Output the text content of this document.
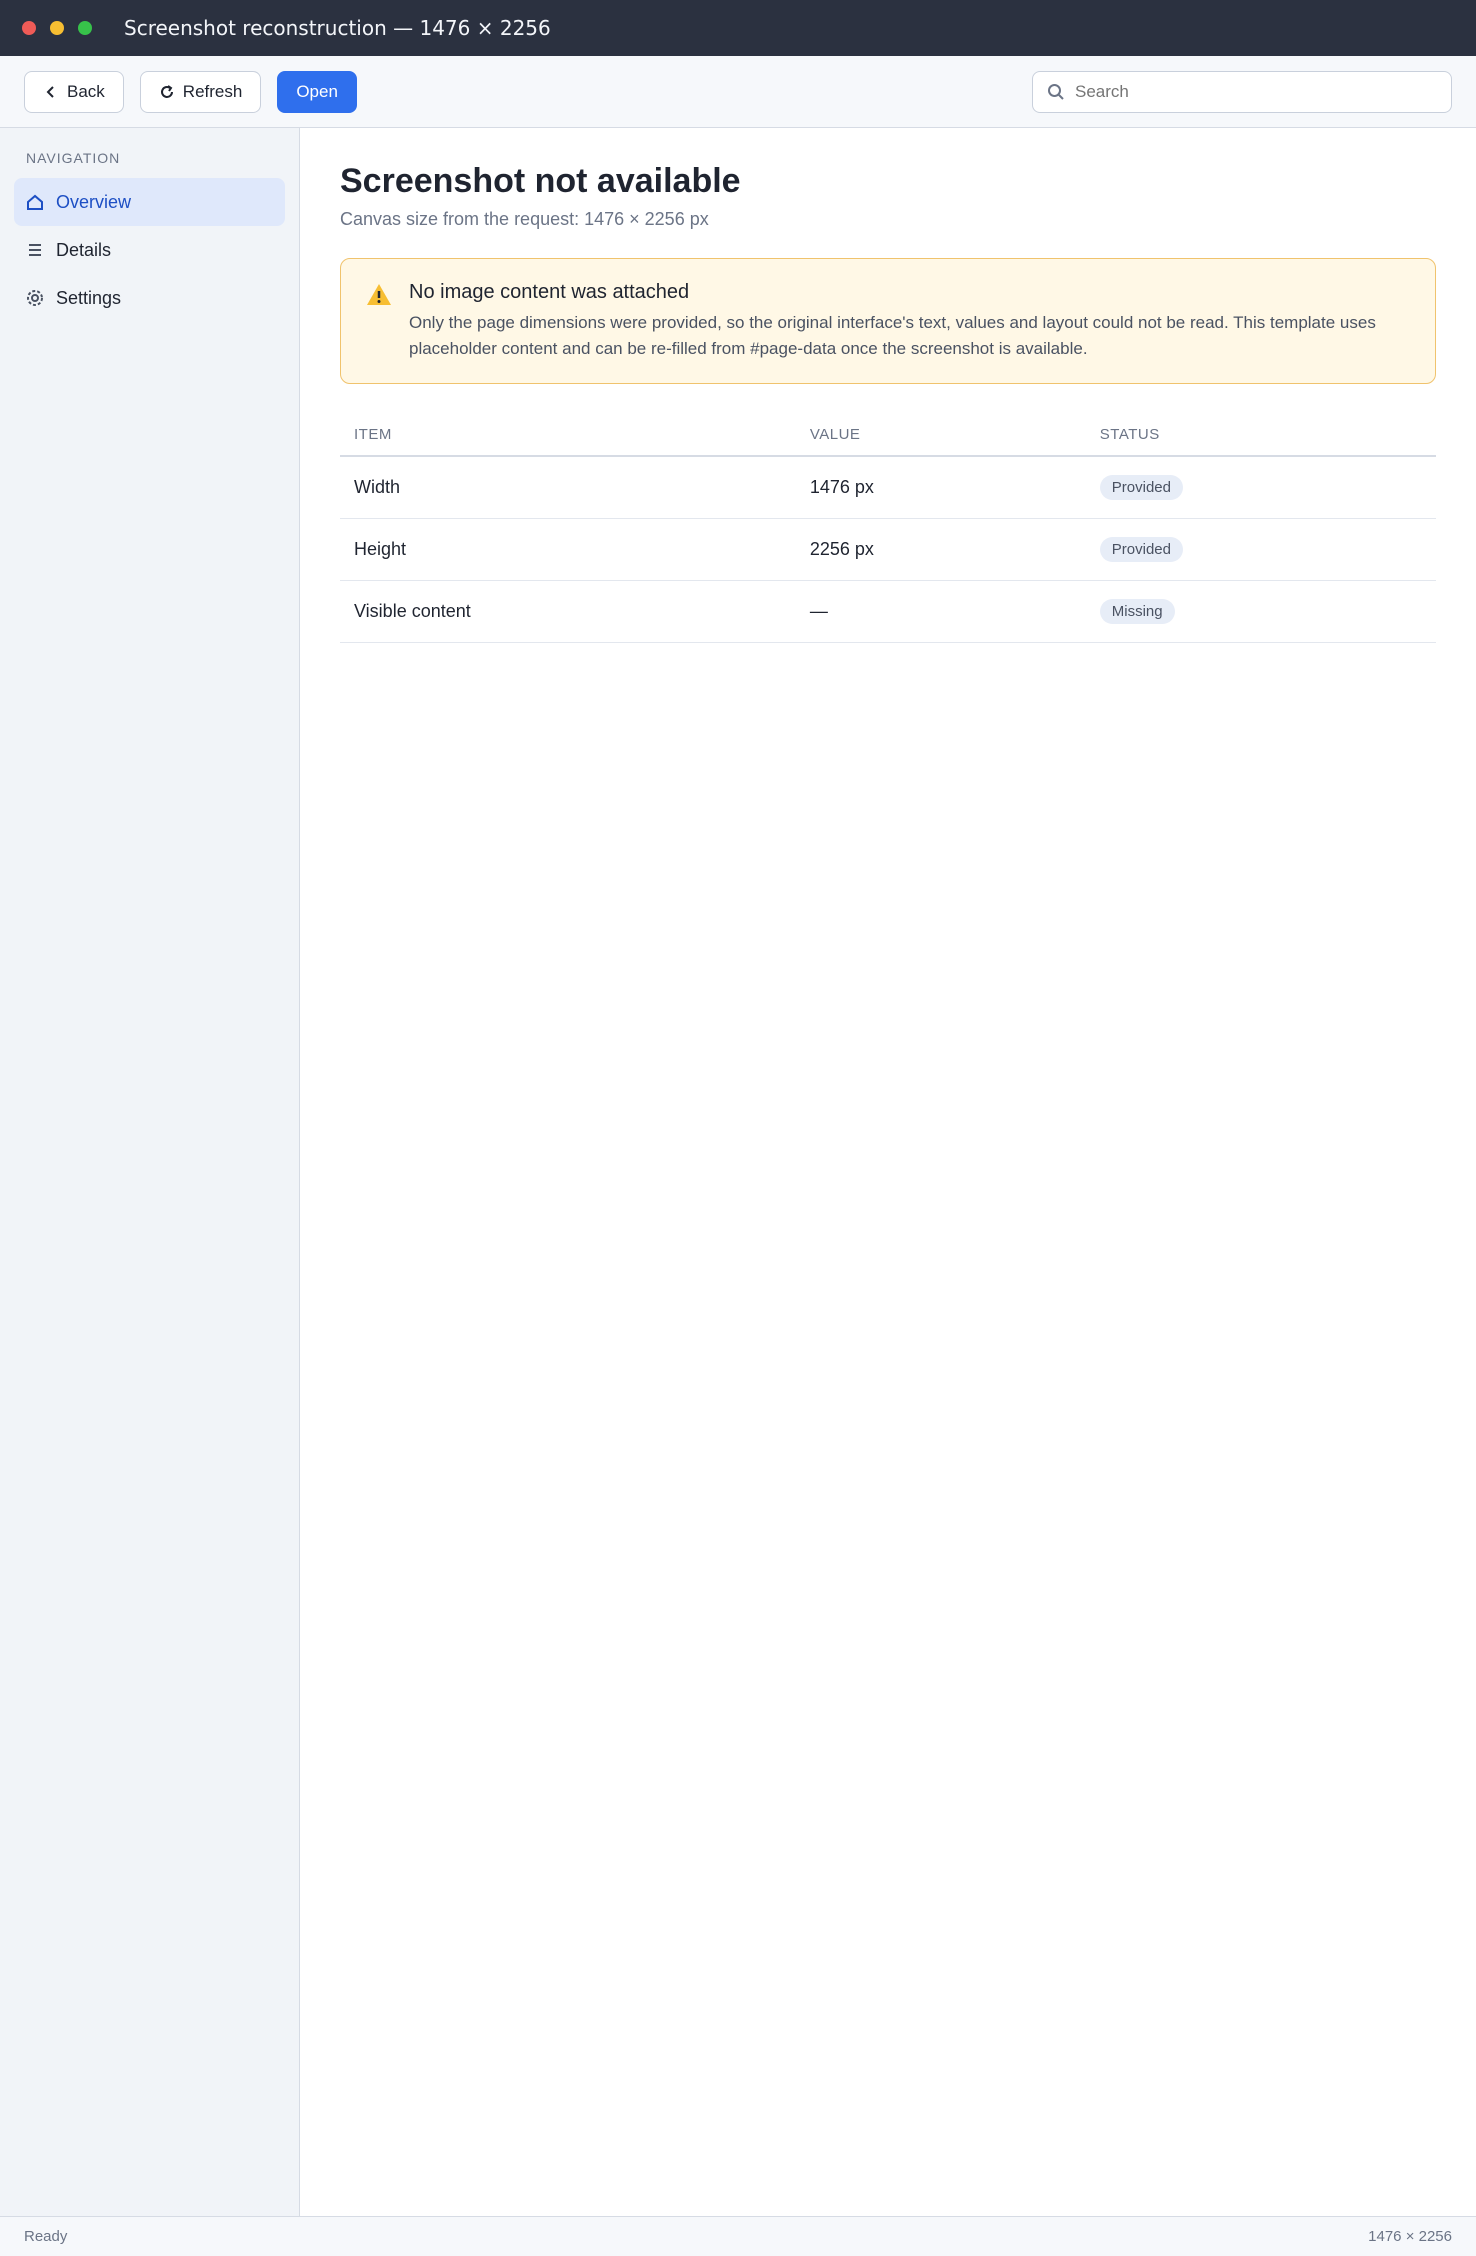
Screenshot reconstruction — 1476 × 2256
Back	Refresh	Open
Search
NAVIGATION
Overview
Details
Settings
Screenshot not available

Canvas size from the request: 1476 × 2256 px

No image content was attached
Only the page dimensions were provided, so the original interface's text, values and layout could not be read. This template uses placeholder content and can be re-filled from #page-data once the screenshot is available.
ITEM	VALUE	STATUS
Width	1476 px	Provided
Height	2256 px	Provided
Visible content	—	Missing
Ready	1476 × 2256
